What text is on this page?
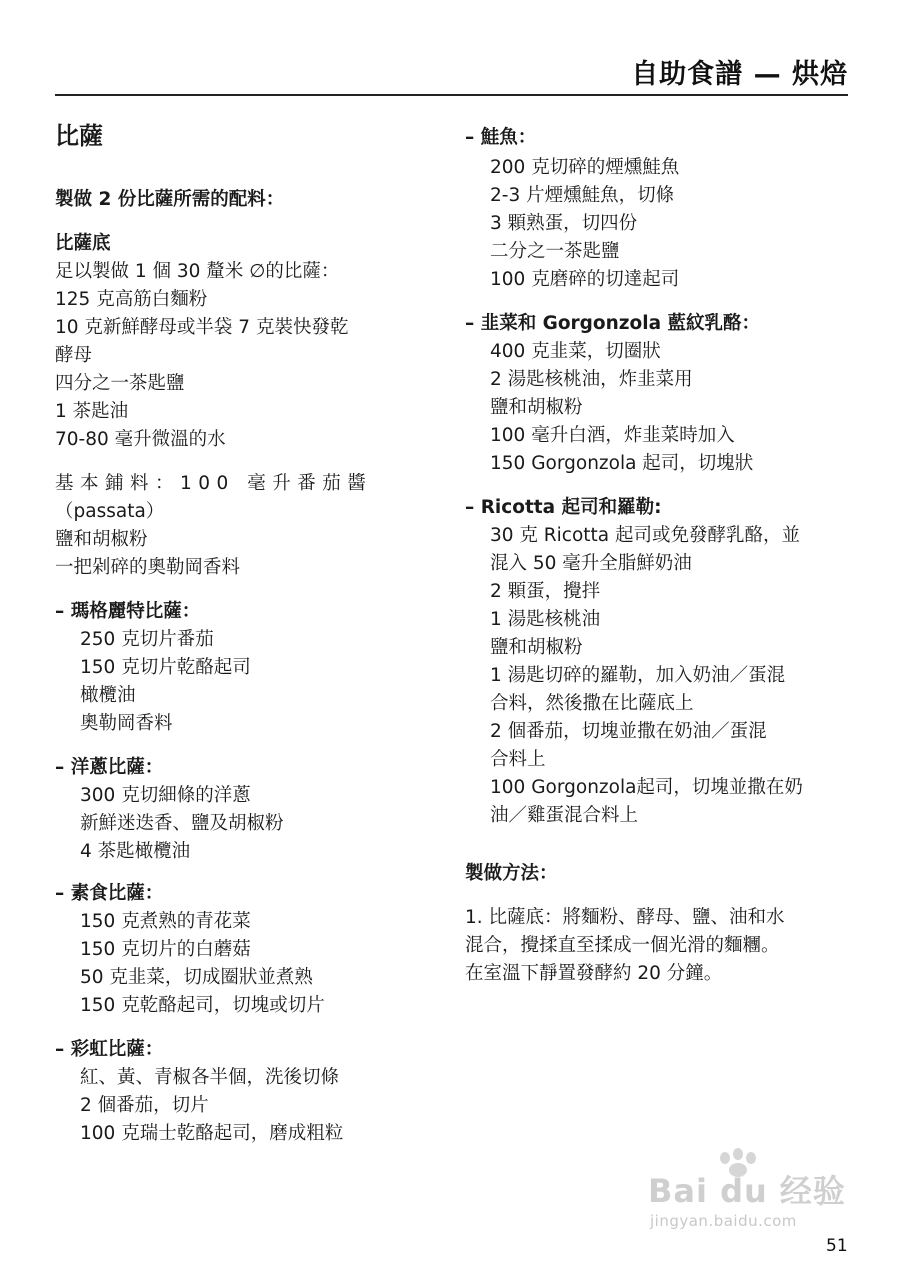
自助食譜 — 烘焙
比薩
製做 2 份比薩所需的配料：
比薩底
足以製做 1 個 30 釐米 ∅的比薩：
125 克高筋白麵粉
10 克新鮮酵母或半袋 7 克裝快發乾
酵母
四分之一茶匙鹽
1 茶匙油
70-80 毫升微溫的水
基本鋪料：100 毫升番茄醬
（passata）
鹽和胡椒粉
一把剁碎的奧勒岡香料
– 瑪格麗特比薩：
250 克切片番茄
150 克切片乾酪起司
橄欖油
奧勒岡香料
– 洋蔥比薩：
300 克切細條的洋蔥
新鮮迷迭香、鹽及胡椒粉
4 茶匙橄欖油
– 素食比薩：
150 克煮熟的青花菜
150 克切片的白蘑菇
50 克韭菜，切成圈狀並煮熟
150 克乾酪起司，切塊或切片
– 彩虹比薩：
紅、黃、青椒各半個，洗後切條
2 個番茄，切片
100 克瑞士乾酪起司，磨成粗粒
– 鮭魚：
200 克切碎的煙燻鮭魚
2-3 片煙燻鮭魚，切條
3 顆熟蛋，切四份
二分之一茶匙鹽
100 克磨碎的切達起司
– 韭菜和 Gorgonzola 藍紋乳酪：
400 克韭菜，切圈狀
2 湯匙核桃油，炸韭菜用
鹽和胡椒粉
100 毫升白酒，炸韭菜時加入
150 Gorgonzola 起司，切塊狀
– Ricotta 起司和羅勒:
30 克 Ricotta 起司或免發酵乳酪，並
混入 50 毫升全脂鮮奶油
2 顆蛋，攪拌
1 湯匙核桃油
鹽和胡椒粉
1 湯匙切碎的羅勒，加入奶油／蛋混
合料，然後撒在比薩底上
2 個番茄，切塊並撒在奶油／蛋混
合料上
100 Gorgonzola起司，切塊並撒在奶
油／雞蛋混合料上
製做方法：
1. 比薩底：將麵粉、酵母、鹽、油和水
混合，攪揉直至揉成一個光滑的麵糰。
在室溫下靜置發酵約 20 分鐘。
Bai du 经验
jingyan.baidu.com
51
